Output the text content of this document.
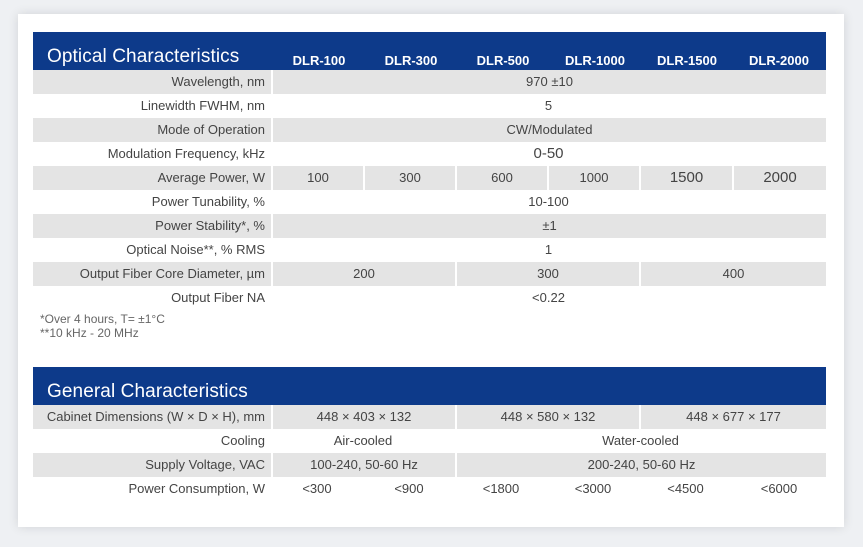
Optical Characteristics	DLR-100	DLR-300	DLR-500	DLR-1000	DLR-1500	DLR-2000
Wavelength, nm	970 ±10
Linewidth FWHM, nm	5
Mode of Operation	CW/Modulated
Modulation Frequency, kHz	0-50
Average Power, W	100	300	600	1000	1500	2000
Power Tunability, %	10-100
Power Stability*, %	±1
Optical Noise**, % RMS	1
Output Fiber Core Diameter, µm	200	300	400
Output Fiber NA	<0.22
*Over 4 hours, T= ±1°C
**10 kHz - 20 MHz
General Characteristics
Cabinet Dimensions (W × D × H), mm	448 × 403 × 132	448 × 580 × 132	448 × 677 × 177
Cooling	Air-cooled	Water-cooled
Supply Voltage, VAC	100-240, 50-60 Hz	200-240, 50-60 Hz
Power Consumption, W	<300	<900	<1800	<3000	<4500	<6000
